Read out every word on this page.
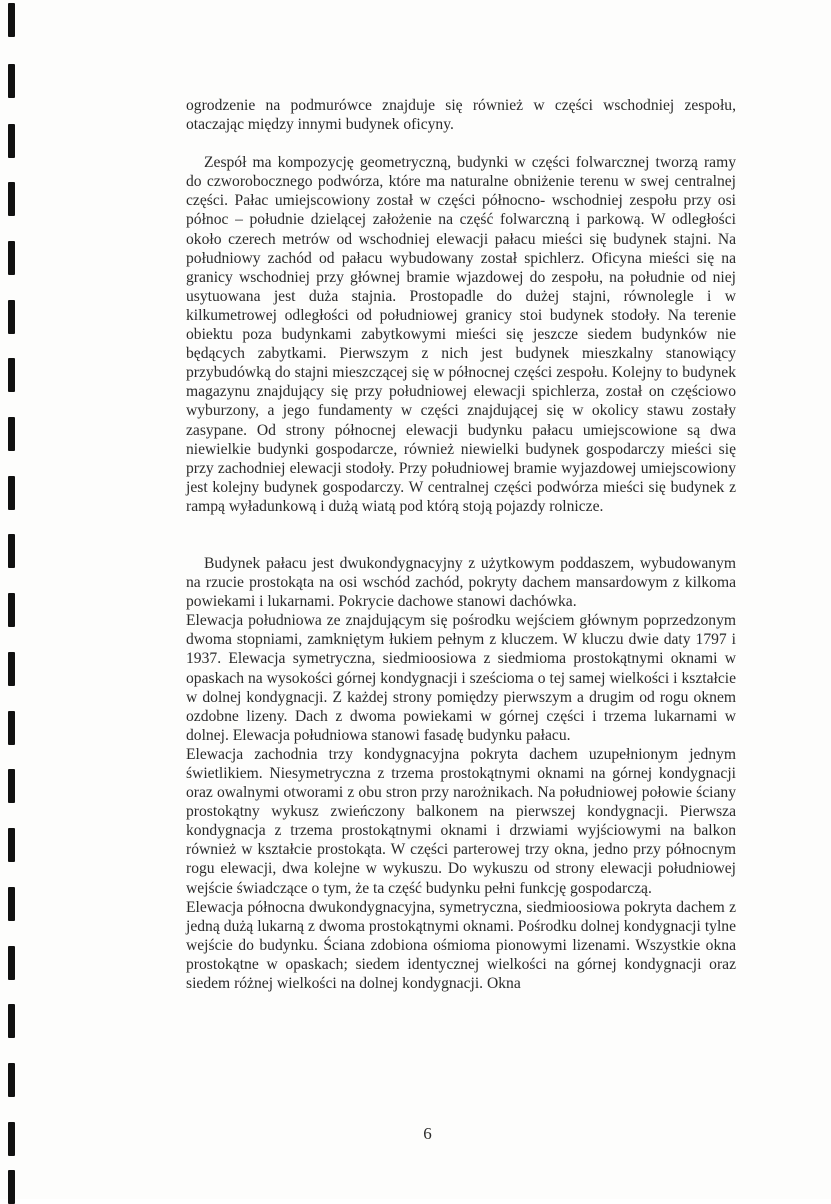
ogrodzenie na podmurówce znajduje się również w części wschodniej zespołu, otaczając między innymi budynek oficyny.

Zespół ma kompozycję geometryczną, budynki w części folwarcznej tworzą ramy do czworobocznego podwórza, które ma naturalne obniżenie terenu w swej centralnej części. Pałac umiejscowiony został w części północno- wschodniej zespołu przy osi północ – południe dzielącej założenie na część folwarczną i parkową. W odległości około czerech metrów od wschodniej elewacji pałacu mieści się budynek stajni. Na południowy zachód od pałacu wybudowany został spichlerz. Oficyna mieści się na granicy wschodniej przy głównej bramie wjazdowej do zespołu, na południe od niej usytuowana jest duża stajnia. Prostopadle do dużej stajni, równolegle i w kilkumetrowej odległości od południowej granicy stoi budynek stodoły. Na terenie obiektu poza budynkami zabytkowymi mieści się jeszcze siedem budynków nie będących zabytkami. Pierwszym z nich jest budynek mieszkalny stanowiący przybudówką do stajni mieszczącej się w północnej części zespołu. Kolejny to budynek magazynu znajdujący się przy południowej elewacji spichlerza, został on częściowo wyburzony, a jego fundamenty w części znajdującej się w okolicy stawu zostały zasypane. Od strony północnej elewacji budynku pałacu umiejscowione są dwa niewielkie budynki gospodarcze, również niewielki budynek gospodarczy mieści się przy zachodniej elewacji stodoły. Przy południowej bramie wyjazdowej umiejscowiony jest kolejny budynek gospodarczy. W centralnej części podwórza mieści się budynek z rampą wyładunkową i dużą wiatą pod którą stoją pojazdy rolnicze.

Budynek pałacu jest dwukondygnacyjny z użytkowym poddaszem, wybudowanym na rzucie prostokąta na osi wschód zachód, pokryty dachem mansardowym z kilkoma powiekami i lukarnami. Pokrycie dachowe stanowi dachówka.

Elewacja południowa ze znajdującym się pośrodku wejściem głównym poprzedzonym dwoma stopniami, zamkniętym łukiem pełnym z kluczem. W kluczu dwie daty 1797 i 1937. Elewacja symetryczna, siedmioosiowa z siedmioma prostokątnymi oknami w opaskach na wysokości górnej kondygnacji i sześcioma o tej samej wielkości i kształcie w dolnej kondygnacji. Z każdej strony pomiędzy pierwszym a drugim od rogu oknem ozdobne lizeny. Dach z dwoma powiekami w górnej części i trzema lukarnami w dolnej. Elewacja południowa stanowi fasadę budynku pałacu.

Elewacja zachodnia trzy kondygnacyjna pokryta dachem uzupełnionym jednym świetlikiem. Niesymetryczna z trzema prostokątnymi oknami na górnej kondygnacji oraz owalnymi otworami z obu stron przy narożnikach. Na południowej połowie ściany prostokątny wykusz zwieńczony balkonem na pierwszej kondygnacji. Pierwsza kondygnacja z trzema prostokątnymi oknami i drzwiami wyjściowymi na balkon również w kształcie prostokąta. W części parterowej trzy okna, jedno przy północnym rogu elewacji, dwa kolejne w wykuszu. Do wykuszu od strony elewacji południowej wejście świadczące o tym, że ta część budynku pełni funkcję gospodarczą.

Elewacja północna dwukondygnacyjna, symetryczna, siedmioosiowa pokryta dachem z jedną dużą lukarną z dwoma prostokątnymi oknami. Pośrodku dolnej kondygnacji tylne wejście do budynku. Ściana zdobiona ośmioma pionowymi lizenami. Wszystkie okna prostokątne w opaskach; siedem identycznej wielkości na górnej kondygnacji oraz siedem różnej wielkości na dolnej kondygnacji. Okna

6
